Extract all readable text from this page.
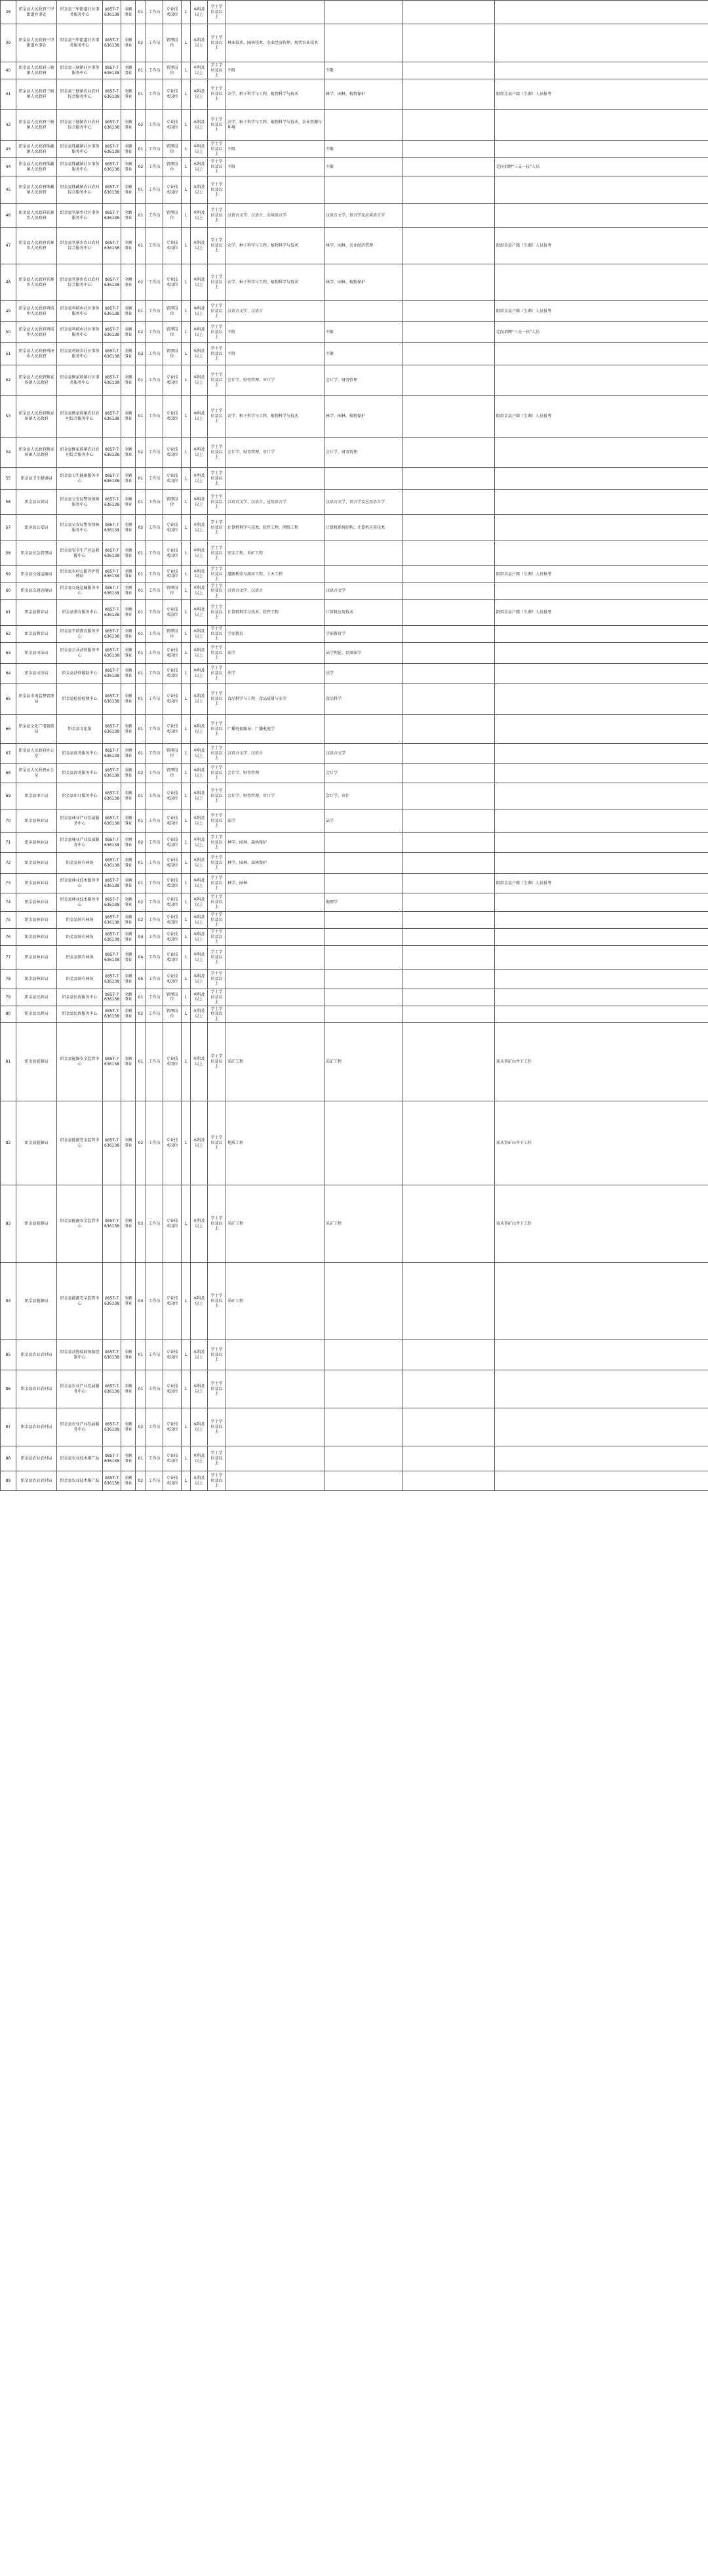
38	织金县人民政府三甲街道办事处	织金县三甲街道社区事务服务中心	0857-7636138	全额事业	01	工作员	专业技术岗位	1	本科及以上	学士学位及以上				
39	织金县人民政府三甲街道办事处	织金县三甲街道社区事务服务中心	0857-7636138	全额事业	02	工作员	管理岗位	1	本科及以上	学士学位及以上	林业技术、园林技术、农业经济管理、现代农业技术			
40	织金县人民政府三塘镇人民政府	织金县三塘镇社区事务服务中心	0857-7636138	全额事业	01	工作员	管理岗位	1	本科及以上	学士学位及以上	不限	不限		
41	织金县人民政府三塘镇人民政府	织金县三塘镇农业农村综合服务中心	0857-7636138	全额事业	01	工作员	专业技术岗位	1	本科及以上	学士学位及以上	农学、种子科学与工程、植物科学与技术	林学、园林、植物保护		限织金县户籍（生源）人员报考
42	织金县人民政府三塘镇人民政府	织金县三塘镇农业农村综合服务中心	0857-7636138	全额事业	02	工作员	专业技术岗位	1	本科及以上	学士学位及以上	农学、种子科学与工程、植物科学与技术、农业资源与环境			
43	织金县人民政府珠藏镇人民政府	织金县珠藏镇社区事务服务中心	0857-7636138	全额事业	01	工作员	管理岗位	1	本科及以上	学士学位及以上	不限	不限		
44	织金县人民政府珠藏镇人民政府	织金县珠藏镇社区事务服务中心	0857-7636138	全额事业	02	工作员	管理岗位	1	本科及以上	学士学位及以上	不限	不限		定向招聘“三支一扶”人员
45	织金县人民政府珠藏镇人民政府	织金县珠藏镇农业农村综合服务中心	0857-7636138	全额事业	01	工作员	专业技术岗位	1	本科及以上	学士学位及以上				
46	织金县人民政府官寨乡人民政府	织金县官寨乡社区事务服务中心	0857-7636138	全额事业	01	工作员	管理岗位	1	本科及以上	学士学位及以上	汉语言文学、汉语言、应用语言学	汉语言文学、语言学及应用语言学		
47	织金县人民政府官寨乡人民政府	织金县官寨乡农业农村综合服务中心	0857-7636138	全额事业	01	工作员	专业技术岗位	1	本科及以上	学士学位及以上	农学、种子科学与工程、植物科学与技术	林学、园林、农业经济管理		限织金县户籍（生源）人员报考
48	织金县人民政府官寨乡人民政府	织金县官寨乡农业农村综合服务中心	0857-7636138	全额事业	02	工作员	专业技术岗位	1	本科及以上	学士学位及以上	农学、种子科学与工程、植物科学与技术	林学、园林、植物保护		
49	织金县人民政府鸡场乡人民政府	织金县鸡场乡社区事务服务中心	0857-7636138	全额事业	01	工作员	管理岗位	1	本科及以上	学士学位及以上	汉语言文学、汉语言			限织金县户籍（生源）人员报考
50	织金县人民政府鸡场乡人民政府	织金县鸡场乡社区事务服务中心	0857-7636138	全额事业	02	工作员	管理岗位	1	本科及以上	学士学位及以上	不限	不限		定向招聘“三支一扶”人员
51	织金县人民政府鸡场乡人民政府	织金县鸡场乡社区事务服务中心	0857-7636138	全额事业	03	工作员	管理岗位	1	本科及以上	学士学位及以上	不限	不限		
52	织金县人民政府熊家场镇人民政府	织金县熊家场镇社区事务服务中心	0857-7636138	全额事业	01	工作员	专业技术岗位	1	本科及以上	学士学位及以上	会计学、财务管理、审计学	会计学、财务管理		
53	织金县人民政府熊家场镇人民政府	织金县熊家场镇农业农村综合服务中心	0857-7636138	全额事业	01	工作员	专业技术岗位	1	本科及以上	学士学位及以上	农学、种子科学与工程、植物科学与技术	林学、园林、植物保护		限织金县户籍（生源）人员报考
54	织金县人民政府熊家场镇人民政府	织金县熊家场镇农业农村综合服务中心	0857-7636138	全额事业	02	工作员	专业技术岗位	1	本科及以上	学士学位及以上	会计学、财务管理、审计学	会计学、财务管理		
55	织金县卫生健康局	织金县卫生健康服务中心	0857-7636138	全额事业	01	工作员	专业技术岗位	1	本科及以上	学士学位及以上				
56	织金县公安局	织金县公安局警务保障服务中心	0857-7636138	全额事业	01	工作员	管理岗位	1	本科及以上	学士学位及以上	汉语言文学、汉语言、应用语言学	汉语言文学、语言学及应用语言学		
57	织金县公安局	织金县公安局警务保障服务中心	0857-7636138	全额事业	02	工作员	专业技术岗位	1	本科及以上	学士学位及以上	计算机科学与技术、软件工程、网络工程	计算机系统结构、计算机应用技术		
58	织金县应急管理局	织金县安全生产应急救援中心	0857-7636138	全额事业	01	工作员	专业技术岗位	1	本科及以上	学士学位及以上	安全工程、采矿工程			
59	织金县交通运输局	织金县农村公路养护管理站	0857-7636138	全额事业	01	工作员	专业技术岗位	1	本科及以上	学士学位及以上	道路桥梁与渡河工程、土木工程			限织金县户籍（生源）人员报考
60	织金县交通运输局	织金县交通运输服务中心	0857-7636138	全额事业	01	工作员	管理岗位	1	本科及以上	学士学位及以上	汉语言文学、汉语言	汉语言文学		
61	织金县教育局	织金县教育服务中心	0857-7636138	全额事业	01	工作员	专业技术岗位	1	本科及以上	学士学位及以上	计算机科学与技术、软件工程	计算机应用技术		限织金县户籍（生源）人员报考
62	织金县教育局	织金县学前教育服务中心	0857-7636138	全额事业	01	工作员	管理岗位	1	本科及以上	学士学位及以上	学前教育	学前教育学		
63	织金县司法局	织金县公共法律服务中心	0857-7636138	全额事业	01	工作员	专业技术岗位	1	本科及以上	学士学位及以上	法学	法学理论、民商法学		
64	织金县司法局	织金县法律援助中心	0857-7636138	全额事业	01	工作员	专业技术岗位	1	本科及以上	学士学位及以上	法学	法学		
65	织金县市场监督管理局	织金县检验检测中心	0857-7636138	全额事业	01	工作员	专业技术岗位	1	本科及以上	学士学位及以上	食品科学与工程、食品质量与安全	食品科学		
66	织金县文化广电旅游局	织金县文化馆	0857-7636138	全额事业	01	工作员	专业技术岗位	1	本科及以上	学士学位及以上	广播电视编导、广播电视学			
67	织金县人民政府办公室	织金县政务服务中心	0857-7636138	全额事业	01	工作员	管理岗位	1	本科及以上	学士学位及以上	汉语言文学、汉语言	汉语言文学		
68	织金县人民政府办公室	织金县政务服务中心	0857-7636138	全额事业	02	工作员	管理岗位	1	本科及以上	学士学位及以上	会计学、财务管理	会计学		
69	织金县审计局	织金县审计服务中心	0857-7636138	全额事业	01	工作员	专业技术岗位	1	本科及以上	学士学位及以上	会计学、财务管理、审计学	会计学、审计		
70	织金县林业局	织金县林业产业发展服务中心	0857-7636138	全额事业	01	工作员	专业技术岗位	1	本科及以上	学士学位及以上	法学	法学		
71	织金县林业局	织金县林业产业发展服务中心	0857-7636138	全额事业	02	工作员	专业技术岗位	1	本科及以上	学士学位及以上	林学、园林、森林保护			
72	织金县林业局	织金县国有林场	0857-7636138	全额事业	01	工作员	专业技术岗位	1	本科及以上	学士学位及以上	林学、园林、森林保护			
73	织金县林业局	织金县林业技术服务中心	0857-7636138	全额事业	01	工作员	专业技术岗位	1	本科及以上	学士学位及以上	林学、园林			限织金县户籍（生源）人员报考
74	织金县林业局	织金县林业技术服务中心	0857-7636138	全额事业	02	工作员	专业技术岗位	1	本科及以上	学士学位及以上		地理学		
75	织金县林业局	织金县国有林场	0857-7636138	全额事业	02	工作员	专业技术岗位	1	本科及以上	学士学位及以上				
76	织金县林业局	织金县国有林场	0857-7636138	全额事业	03	工作员	专业技术岗位	1	本科及以上	学士学位及以上				
77	织金县林业局	织金县国有林场	0857-7636138	全额事业	04	工作员	专业技术岗位	1	本科及以上	学士学位及以上				
78	织金县林业局	织金县国有林场	0857-7636138	全额事业	05	工作员	专业技术岗位	1	本科及以上	学士学位及以上				
79	织金县民政局	织金县民政服务中心	0857-7636138	全额事业	01	工作员	管理岗位	1	本科及以上	学士学位及以上				
80	织金县民政局	织金县民政服务中心	0857-7636138	全额事业	02	工作员	管理岗位	1	本科及以上	学士学位及以上				
81	织金县能源局	织金县能源安全监管中心	0857-7636138	全额事业	01	工作员	专业技术岗位	1	本科及以上	学士学位及以上	采矿工程	采矿工程		需从事矿山井下工作
82	织金县能源局	织金县能源安全监管中心	0857-7636138	全额事业	02	工作员	专业技术岗位	1	本科及以上	学士学位及以上	地质工程			需从事矿山井下工作
83	织金县能源局	织金县能源安全监管中心	0857-7636138	全额事业	03	工作员	专业技术岗位	1	本科及以上	学士学位及以上	采矿工程	采矿工程		需从事矿山井下工作
84	织金县能源局	织金县能源安全监管中心	0857-7636138	全额事业	04	工作员	专业技术岗位	1	本科及以上	学士学位及以上	采矿工程			
85	织金县农业农村局	织金县动物疫病预防控制中心	0857-7636138	全额事业	01	工作员	专业技术岗位	1	本科及以上	学士学位及以上				
86	织金县农业农村局	织金县农业产业发展服务中心	0857-7636138	全额事业	01	工作员	专业技术岗位	1	本科及以上	学士学位及以上				
87	织金县农业农村局	织金县农业产业发展服务中心	0857-7636138	全额事业	02	工作员	专业技术岗位	1	本科及以上	学士学位及以上				
88	织金县农业农村局	织金县农业技术推广站	0857-7636138	全额事业	01	工作员	专业技术岗位	1	本科及以上	学士学位及以上				
89	织金县农业农村局	织金县农业技术推广站	0857-7636138	全额事业	02	工作员	专业技术岗位	1	本科及以上	学士学位及以上				
